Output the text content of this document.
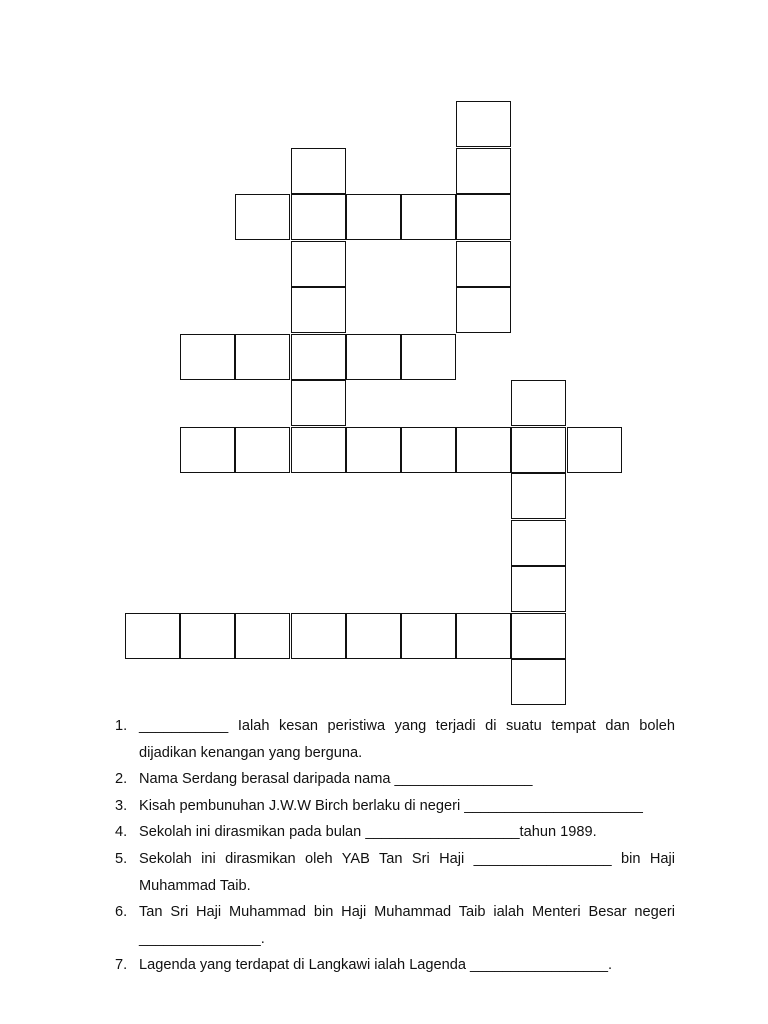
1. ___________ Ialah kesan peristiwa yang terjadi di suatu tempat dan boleh dijadikan kenangan yang berguna.
2. Nama Serdang berasal daripada nama _________________
3. Kisah pembunuhan J.W.W Birch berlaku di negeri ______________________
4. Sekolah ini dirasmikan pada bulan ___________________tahun 1989.
5. Sekolah ini dirasmikan oleh YAB Tan Sri Haji _________________ bin Haji Muhammad Taib.
6. Tan Sri Haji Muhammad bin Haji Muhammad Taib ialah Menteri Besar negeri _______________.
7. Lagenda yang terdapat di Langkawi ialah Lagenda _________________.
